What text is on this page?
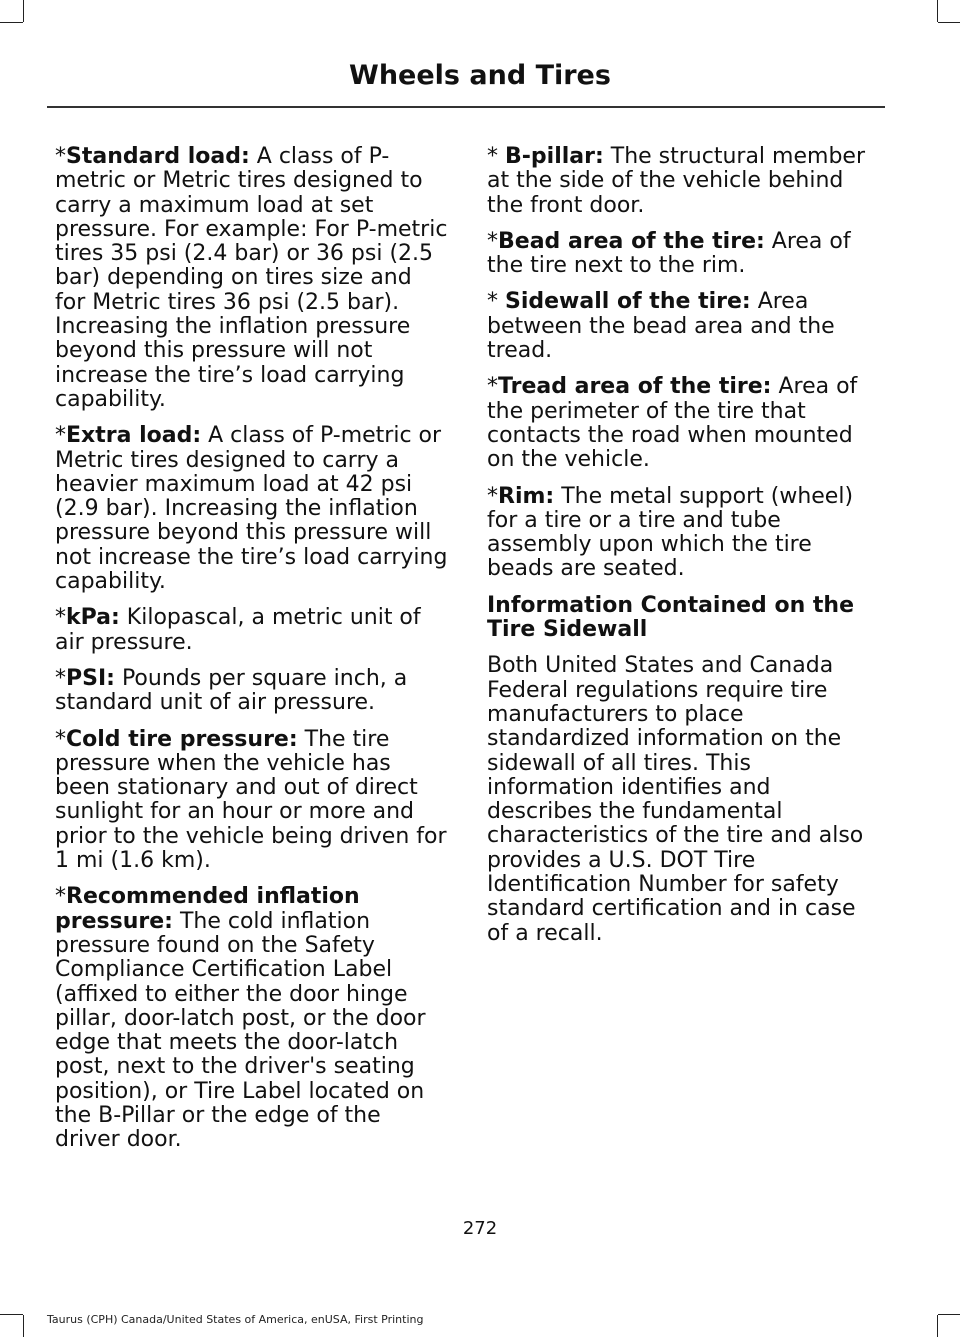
Wheels and Tires

*Standard load: A class of P-metric or Metric tires designed to carry a maximum load at set pressure. For example: For P-metric tires 35 psi (2.4 bar) or 36 psi (2.5 bar) depending on tires size and for Metric tires 36 psi (2.5 bar). Increasing the inflation pressure beyond this pressure will not increase the tire’s load carrying capability.

*Extra load: A class of P-metric or Metric tires designed to carry a heavier maximum load at 42 psi (2.9 bar). Increasing the inflation pressure beyond this pressure will not increase the tire’s load carrying capability.

*kPa: Kilopascal, a metric unit of air pressure.

*PSI: Pounds per square inch, a standard unit of air pressure.

*Cold tire pressure: The tire pressure when the vehicle has been stationary and out of direct sunlight for an hour or more and prior to the vehicle being driven for 1 mi (1.6 km).

*Recommended inflation pressure: The cold inflation pressure found on the Safety Compliance Certification Label (affixed to either the door hinge pillar, door-latch post, or the door edge that meets the door-latch post, next to the driver's seating position), or Tire Label located on the B-Pillar or the edge of the driver door.

* B-pillar: The structural member at the side of the vehicle behind the front door.

*Bead area of the tire: Area of the tire next to the rim.

* Sidewall of the tire: Area between the bead area and the tread.

*Tread area of the tire: Area of the perimeter of the tire that contacts the road when mounted on the vehicle.

*Rim: The metal support (wheel) for a tire or a tire and tube assembly upon which the tire beads are seated.

Information Contained on the Tire Sidewall

Both United States and Canada Federal regulations require tire manufacturers to place standardized information on the sidewall of all tires. This information identifies and describes the fundamental characteristics of the tire and also provides a U.S. DOT Tire Identification Number for safety standard certification and in case of a recall.

272
Taurus (CPH) Canada/United States of America, enUSA, First Printing
